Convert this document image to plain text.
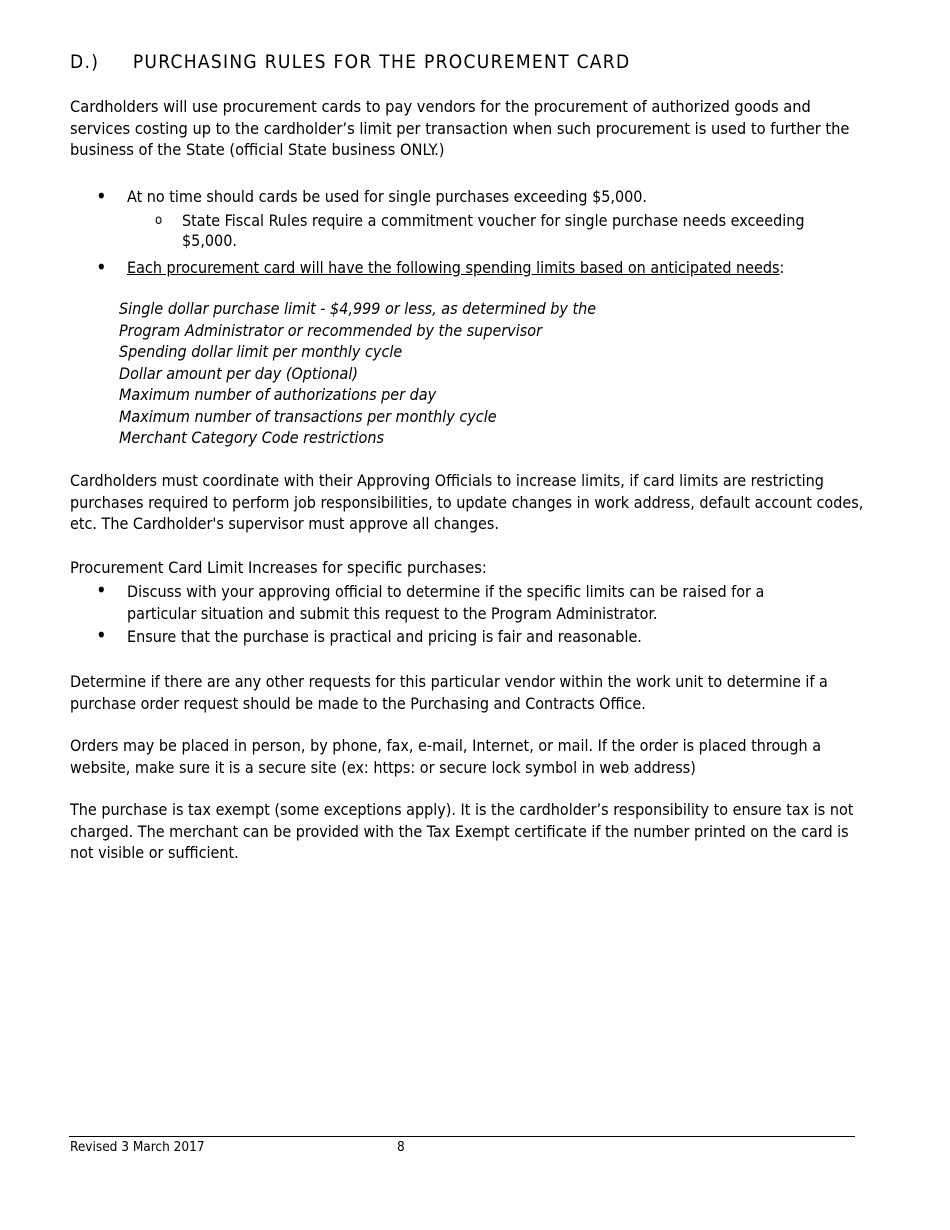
D.) PURCHASING RULES FOR THE PROCUREMENT CARD
Cardholders will use procurement cards to pay vendors for the procurement of authorized goods and services costing up to the cardholder’s limit per transaction when such procurement is used to further the business of the State (official State business ONLY.)
• At no time should cards be used for single purchases exceeding $5,000.
o State Fiscal Rules require a commitment voucher for single purchase needs exceeding $5,000.
• Each procurement card will have the following spending limits based on anticipated needs:
Single dollar purchase limit - $4,999 or less, as determined by the
Program Administrator or recommended by the supervisor
Spending dollar limit per monthly cycle
Dollar amount per day (Optional)
Maximum number of authorizations per day
Maximum number of transactions per monthly cycle
Merchant Category Code restrictions
Cardholders must coordinate with their Approving Officials to increase limits, if card limits are restricting purchases required to perform job responsibilities, to update changes in work address, default account codes, etc. The Cardholder's supervisor must approve all changes.
Procurement Card Limit Increases for specific purchases:
• Discuss with your approving official to determine if the specific limits can be raised for a particular situation and submit this request to the Program Administrator.
• Ensure that the purchase is practical and pricing is fair and reasonable.
Determine if there are any other requests for this particular vendor within the work unit to determine if a purchase order request should be made to the Purchasing and Contracts Office.
Orders may be placed in person, by phone, fax, e-mail, Internet, or mail. If the order is placed through a website, make sure it is a secure site (ex: https: or secure lock symbol in web address)
The purchase is tax exempt (some exceptions apply). It is the cardholder’s responsibility to ensure tax is not charged. The merchant can be provided with the Tax Exempt certificate if the number printed on the card is not visible or sufficient.
Revised 3 March 2017	8
